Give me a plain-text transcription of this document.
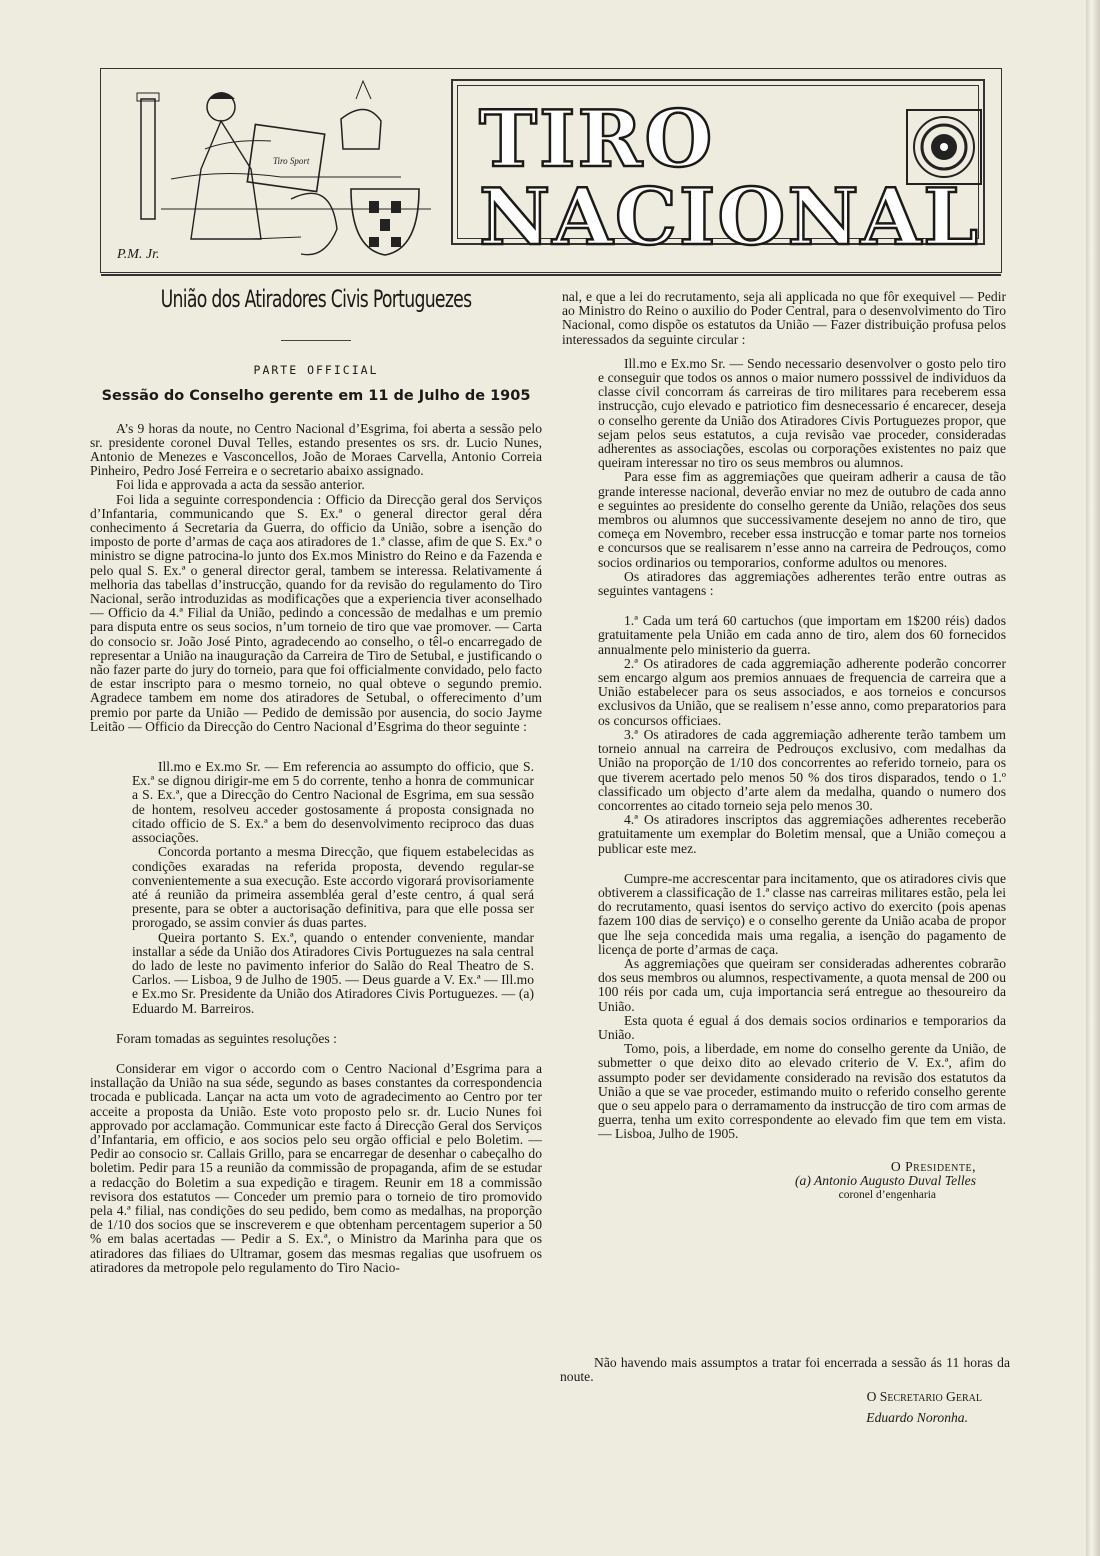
Tiro Sport
P.M. Jr.
TIRO NACIONAL
União dos Atiradores Civis Portuguezes
PARTE OFFICIAL
Sessão do Conselho gerente em 11 de Julho de 1905

A’s 9 horas da noute, no Centro Nacional d’Esgrima, foi aberta a sessão pelo sr. presidente coronel Duval Telles, estando presentes os srs. dr. Lucio Nunes, Antonio de Menezes e Vasconcellos, João de Moraes Carvella, Antonio Correia Pinheiro, Pedro José Ferreira e o secretario abaixo assignado.

Foi lida e approvada a acta da sessão anterior.

Foi lida a seguinte correspondencia : Officio da Direcção geral dos Serviços d’Infantaria, communicando que S. Ex.ª o general director geral déra conhecimento á Secretaria da Guerra, do officio da União, sobre a isenção do imposto de porte d’armas de caça aos atiradores de 1.ª classe, afim de que S. Ex.ª o ministro se digne patrocina-lo junto dos Ex.mos Ministro do Reino e da Fazenda e pelo qual S. Ex.ª o general director geral, tambem se interessa. Relativamente á melhoria das tabellas d’instrucção, quando for da revisão do regulamento do Tiro Nacional, serão introduzidas as modificações que a experiencia tiver aconselhado — Officio da 4.ª Filial da União, pedindo a concessão de medalhas e um premio para disputa entre os seus socios, n’um torneio de tiro que vae promover. — Carta do consocio sr. João José Pinto, agradecendo ao conselho, o têl-o encarregado de representar a União na inauguração da Carreira de Tiro de Setubal, e justificando o não fazer parte do jury do torneio, para que foi officialmente convidado, pelo facto de estar inscripto para o mesmo torneio, no qual obteve o segundo premio. Agradece tambem em nome dos atiradores de Setubal, o offerecimento d’um premio por parte da União — Pedido de demissão por ausencia, do socio Jayme Leitão — Officio da Direcção do Centro Nacional d’Esgrima do theor seguinte :

Ill.mo e Ex.mo Sr. — Em referencia ao assumpto do officio, que S. Ex.ª se dignou dirigir-me em 5 do corrente, tenho a honra de communicar a S. Ex.ª, que a Direcção do Centro Nacional de Esgrima, em sua sessão de hontem, resolveu acceder gostosamente á proposta consignada no citado officio de S. Ex.ª a bem do desenvolvimento reciproco das duas associações.

Concorda portanto a mesma Direcção, que fiquem estabelecidas as condições exaradas na referida proposta, devendo regular-se convenientemente a sua execução. Este accordo vigorará provisoriamente até á reunião da primeira assembléa geral d’este centro, á qual será presente, para se obter a auctorisação definitiva, para que elle possa ser prorogado, se assim convier ás duas partes.

Queira portanto S. Ex.ª, quando o entender conveniente, mandar installar a séde da União dos Atiradores Civis Portuguezes na sala central do lado de leste no pavimento inferior do Salão do Real Theatro de S. Carlos. — Lisboa, 9 de Julho de 1905. — Deus guarde a V. Ex.ª — Ill.mo e Ex.mo Sr. Presidente da União dos Atiradores Civis Portuguezes. — (a) Eduardo M. Barreiros.

Foram tomadas as seguintes resoluções :

Considerar em vigor o accordo com o Centro Nacional d’Esgrima para a installação da União na sua séde, segundo as bases constantes da correspondencia trocada e publicada. Lançar na acta um voto de agradecimento ao Centro por ter acceite a proposta da União. Este voto proposto pelo sr. dr. Lucio Nunes foi approvado por acclamação. Communicar este facto á Direcção Geral dos Serviços d’Infantaria, em officio, e aos socios pelo seu orgão official e pelo Boletim. — Pedir ao consocio sr. Callais Grillo, para se encarregar de desenhar o cabeçalho do boletim. Pedir para 15 a reunião da commissão de propaganda, afim de se estudar a redacção do Boletim a sua expedição e tiragem. Reunir em 18 a commissão revisora dos estatutos — Conceder um premio para o torneio de tiro promovido pela 4.ª filial, nas condições do seu pedido, bem como as medalhas, na proporção de 1/10 dos socios que se inscreverem e que obtenham percentagem superior a 50 % em balas acertadas — Pedir a S. Ex.ª, o Ministro da Marinha para que os atiradores das filiaes do Ultramar, gosem das mesmas regalias que usofruem os atiradores da metropole pelo regulamento do Tiro Nacio-

nal, e que a lei do recrutamento, seja ali applicada no que fôr exequivel — Pedir ao Ministro do Reino o auxilio do Poder Central, para o desenvolvimento do Tiro Nacional, como dispõe os estatutos da União — Fazer distribuição profusa pelos interessados da seguinte circular :

Ill.mo e Ex.mo Sr. — Sendo necessario desenvolver o gosto pelo tiro e conseguir que todos os annos o maior numero posssivel de individuos da classe civil concorram ás carreiras de tiro militares para receberem essa instrucção, cujo elevado e patriotico fim desnecessario é encarecer, deseja o conselho gerente da União dos Atiradores Civis Portuguezes propor, que sejam pelos seus estatutos, a cuja revisão vae proceder, consideradas adherentes as associações, escolas ou corporações existentes no paiz que queiram interessar no tiro os seus membros ou alumnos.

Para esse fim as aggremiações que queiram adherir a causa de tão grande interesse nacional, deverão enviar no mez de outubro de cada anno e seguintes ao presidente do conselho gerente da União, relações dos seus membros ou alumnos que successivamente desejem no anno de tiro, que começa em Novembro, receber essa instrucção e tomar parte nos torneios e concursos que se realisarem n’esse anno na carreira de Pedrouços, como socios ordinarios ou temporarios, conforme adultos ou menores.

Os atiradores das aggremiações adherentes terão entre outras as seguintes vantagens :

1.ª Cada um terá 60 cartuchos (que importam em 1$200 réis) dados gratuitamente pela União em cada anno de tiro, alem dos 60 fornecidos annualmente pelo ministerio da guerra.

2.ª Os atiradores de cada aggremiação adherente poderão concorrer sem encargo algum aos premios annuaes de frequencia de carreira que a União estabelecer para os seus associados, e aos torneios e concursos exclusivos da União, que se realisem n’esse anno, como preparatorios para os concursos officiaes.

3.ª Os atiradores de cada aggremiação adherente terão tambem um torneio annual na carreira de Pedrouços exclusivo, com medalhas da União na proporção de 1/10 dos concorrentes ao referido torneio, para os que tiverem acertado pelo menos 50 % dos tiros disparados, tendo o 1.º classificado um objecto d’arte alem da medalha, quando o numero dos concorrentes ao citado torneio seja pelo menos 30.

4.ª Os atiradores inscriptos das aggremiações adherentes receberão gratuitamente um exemplar do Boletim mensal, que a União começou a publicar este mez.

Cumpre-me accrescentar para incitamento, que os atiradores civis que obtiverem a classificação de 1.ª classe nas carreiras militares estão, pela lei do recrutamento, quasi isentos do serviço activo do exercito (pois apenas fazem 100 dias de serviço) e o conselho gerente da União acaba de propor que lhe seja concedida mais uma regalia, a isenção do pagamento de licença de porte d’armas de caça.

As aggremiações que queiram ser consideradas adherentes cobrarão dos seus membros ou alumnos, respectivamente, a quota mensal de 200 ou 100 réis por cada um, cuja importancia será entregue ao thesoureiro da União.

Esta quota é egual á dos demais socios ordinarios e temporarios da União.

Tomo, pois, a liberdade, em nome do conselho gerente da União, de submetter o que deixo dito ao elevado criterio de V. Ex.ª, afim do assumpto poder ser devidamente considerado na revisão dos estatutos da União a que se vae proceder, estimando muito o referido conselho gerente que o seu appelo para o derramamento da instrucção de tiro com armas de guerra, tenha um exito correspondente ao elevado fim que tem em vista. — Lisboa, Julho de 1905.

O Presidente,
(a) Antonio Augusto Duval Telles
coronel d’engenharia

Não havendo mais assumptos a tratar foi encerrada a sessão ás 11 horas da noute.

O Secretario Geral
Eduardo Noronha.
